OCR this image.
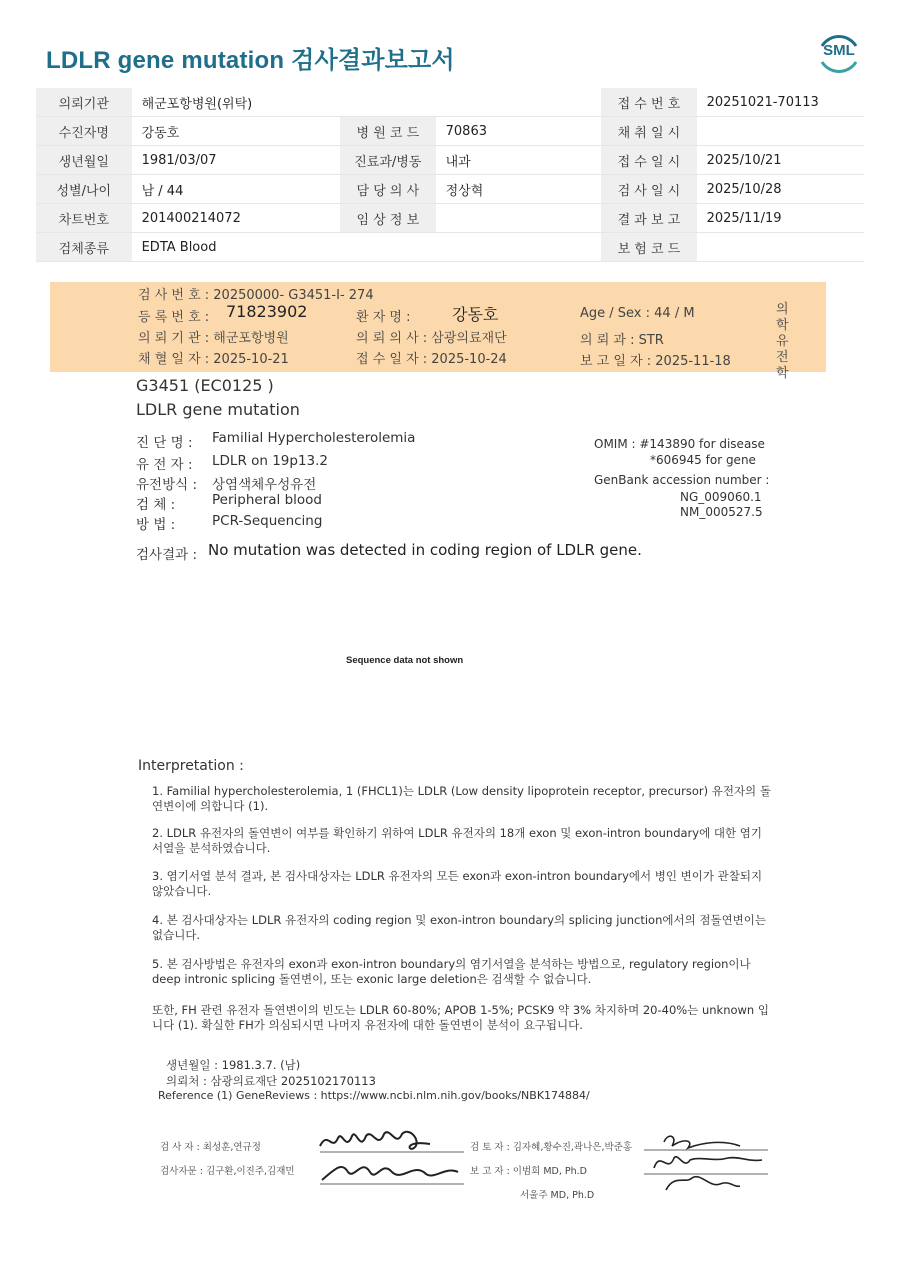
LDLR gene mutation 검사결과보고서	SML
의뢰기관	해군포항병원(위탁)			접 수 번 호	20251021-70113
수진자명	강동호	병 원 코 드	70863	채 취 일 시	
생년월일	1981/03/07	진료과/병동	내과	접 수 일 시	2025/10/21
성별/나이	남 / 44	담 당 의 사	정상혁	검 사 일 시	2025/10/28
차트번호	201400214072	임 상 정 보		결 과 보 고	2025/11/19
검체종류	EDTA Blood			보 험 코 드	
검 사 번 호 : 20250000- G3451-I- 274
등 록 번 호 : 71823902	환 자 명 :	강동호	Age / Sex : 44 / M
의 뢰 기 관 : 해군포항병원	의 뢰 의 사 : 삼광의료재단	의 뢰 과 : STR
채 혈 일 자 : 2025-10-21	접 수 일 자 : 2025-10-24	보 고 일 자 : 2025-11-18
의
학
유
전
학
G3451 (EC0125 )
LDLR gene mutation
진 단 명 : Familial Hypercholesterolemia
유 전 자 : LDLR on 19p13.2
유전방식 : 상염색체우성유전
검 체 :	Peripheral blood
방 법 :	PCR-Sequencing
OMIM : #143890 for disease
*606945 for gene
GenBank accession number :
NG_009060.1
NM_000527.5
검사결과 : No mutation was detected in coding region of LDLR gene.
Sequence data not shown
Interpretation :
1. Familial hypercholesterolemia, 1 (FHCL1)는 LDLR (Low density lipoprotein receptor, precursor) 유전자의 돌연변이에 의합니다 (1).
2. LDLR 유전자의 돌연변이 여부를 확인하기 위하여 LDLR 유전자의 18개 exon 및 exon-intron boundary에 대한 염기서열을 분석하였습니다.
3. 염기서열 분석 결과, 본 검사대상자는 LDLR 유전자의 모든 exon과 exon-intron boundary에서 병인 변이가 관찰되지 않았습니다.
4. 본 검사대상자는 LDLR 유전자의 coding region 및 exon-intron boundary의 splicing junction에서의 점돌연변이는 없습니다.
5. 본 검사방법은 유전자의 exon과 exon-intron boundary의 염기서열을 분석하는 방법으로, regulatory region이나 deep intronic splicing 돌연변이, 또는 exonic large deletion은 검색할 수 없습니다.
또한, FH 관련 유전자 돌연변이의 빈도는 LDLR 60-80%; APOB 1-5%; PCSK9 약 3% 차지하며 20-40%는 unknown 입니다 (1). 확실한 FH가 의심되시면 나머지 유전자에 대한 돌연변이 분석이 요구됩니다.
생년월일 : 1981.3.7. (남)
의뢰처 : 삼광의료재단 2025102170113
Reference (1) GeneReviews : https://www.ncbi.nlm.nih.gov/books/NBK174884/
검 사 자 : 최성훈,연규정
검사자문 : 김구환,이진주,김재민
검 토 자 : 김자혜,황수진,곽나은,박준홍
보 고 자 : 이범희 MD, Ph.D
서울주 MD, Ph.D
